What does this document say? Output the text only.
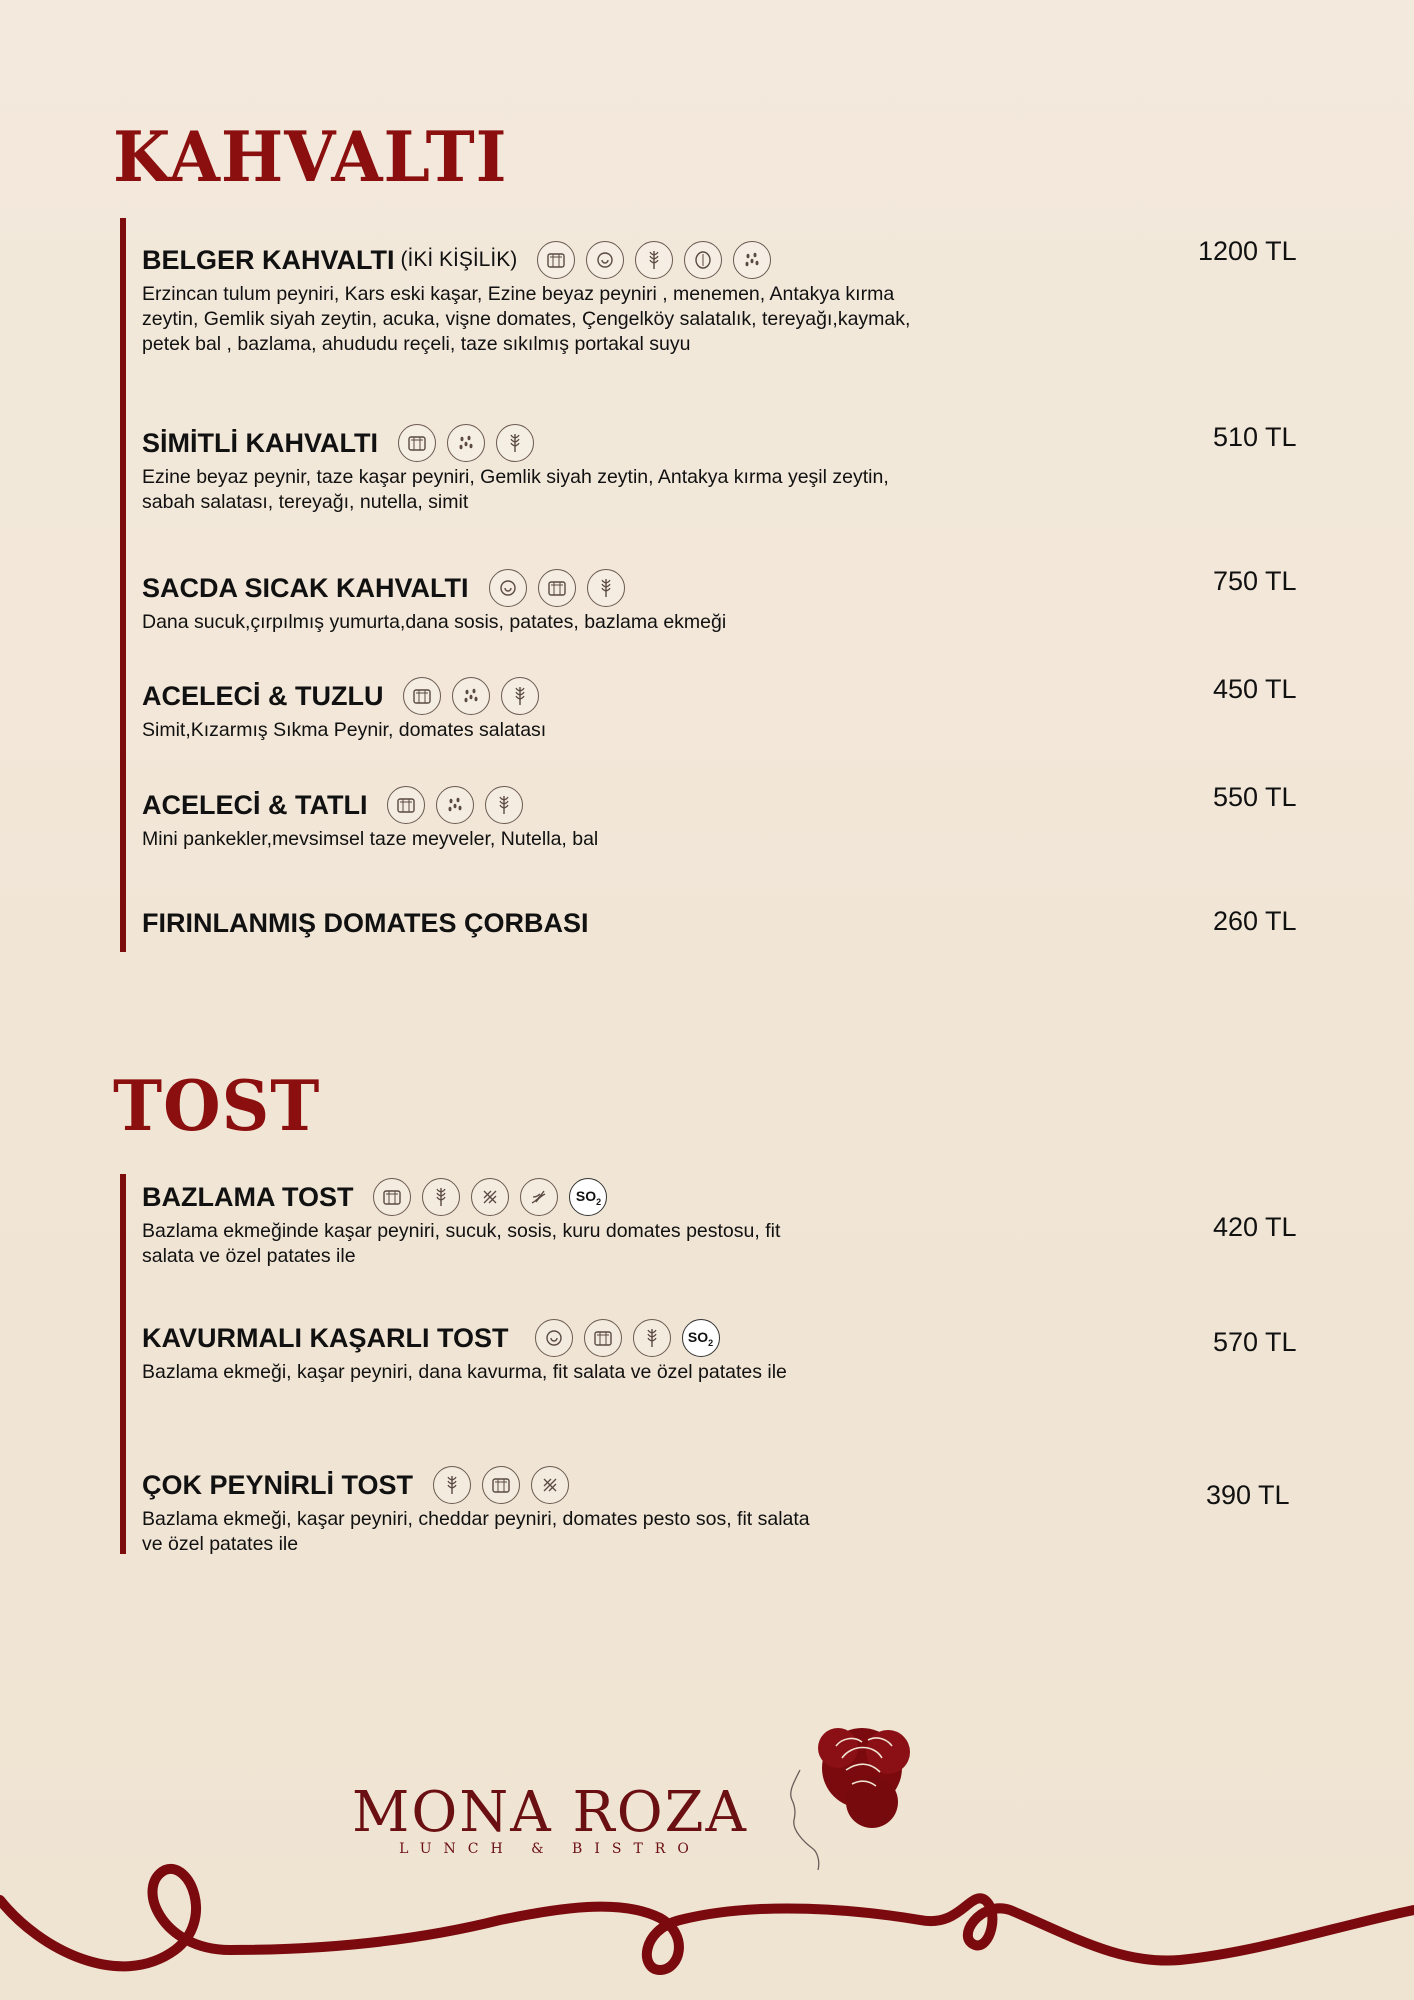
KAHVALTI
BELGER KAHVALTI (İKİ KİŞİLİK)
Erzincan tulum peyniri, Kars eski kaşar, Ezine beyaz peyniri , menemen, Antakya kırma zeytin, Gemlik siyah zeytin, acuka, vişne domates, Çengelköy salatalık, tereyağı,kaymak, petek bal , bazlama, ahududu reçeli, taze sıkılmış portakal suyu
1200 TL
SİMİTLİ KAHVALTI
Ezine beyaz peynir, taze kaşar peyniri, Gemlik siyah zeytin, Antakya kırma yeşil zeytin, sabah salatası, tereyağı, nutella, simit
510 TL
SACDA SICAK KAHVALTI
Dana sucuk,çırpılmış yumurta,dana sosis, patates, bazlama ekmeği
750 TL
ACELECİ & TUZLU
Simit,Kızarmış Sıkma Peynir, domates salatası
450 TL
ACELECİ & TATLI
Mini pankekler,mevsimsel taze meyveler, Nutella, bal
550 TL
FIRINLANMIŞ DOMATES ÇORBASI	260 TL
TOST
BAZLAMA TOST	$SO_2$
Bazlama ekmeğinde kaşar peyniri, sucuk, sosis, kuru domates pestosu, fit salata ve özel patates ile
420 TL
KAVURMALI KAŞARLI TOST	$SO_2$
Bazlama ekmeği, kaşar peyniri, dana kavurma, fit salata ve özel patates ile
570 TL
ÇOK PEYNİRLİ TOST
Bazlama ekmeği, kaşar peyniri, cheddar peyniri, domates pesto sos, fit salata ve özel patates ile
390 TL
MONA ROZA
LUNCH & BISTRO
